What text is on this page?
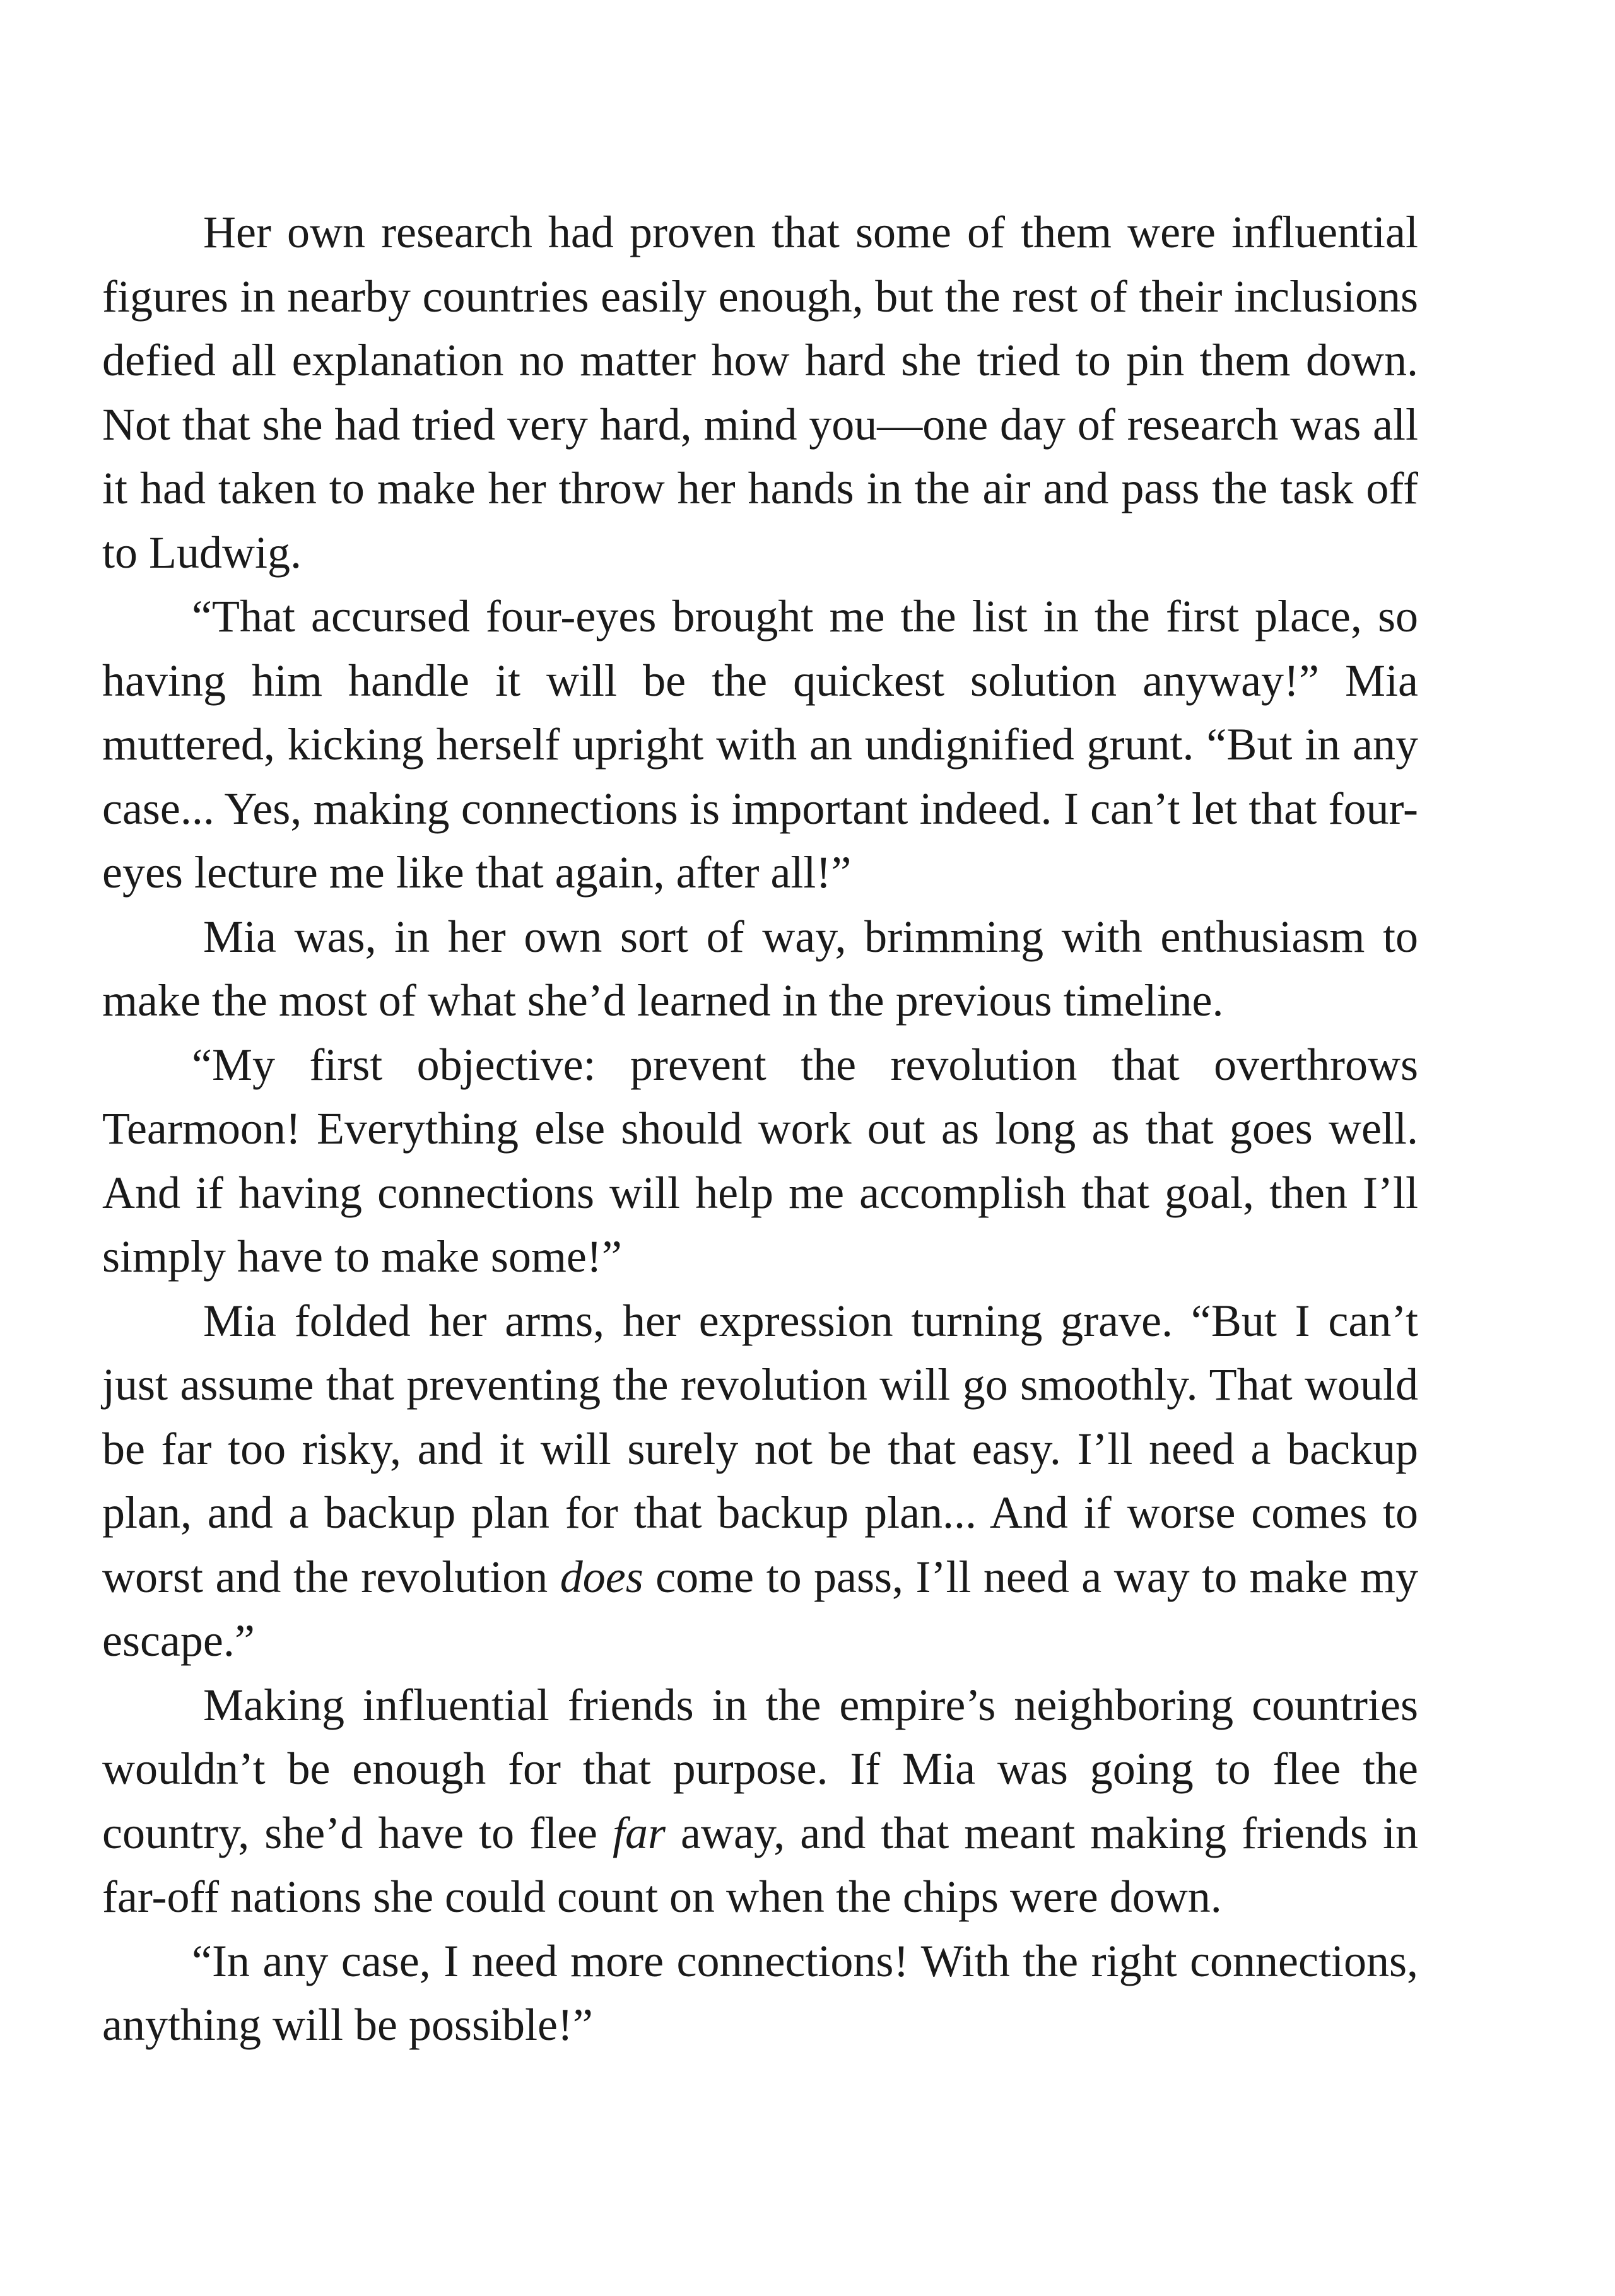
Her own research had proven that some of them were influential figures in nearby countries easily enough, but the rest of their inclusions defied all explanation no matter how hard she tried to pin them down. Not that she had tried very hard, mind you—one day of research was all it had taken to make her throw her hands in the air and pass the task off to Ludwig.

“That accursed four-eyes brought me the list in the first place, so having him handle it will be the quickest solution anyway!” Mia muttered, kicking herself upright with an undignified grunt. “But in any case... Yes, making connections is important indeed. I can’t let that four-eyes lecture me like that again, after all!”

Mia was, in her own sort of way, brimming with enthusiasm to make the most of what she’d learned in the previous timeline.

“My first objective: prevent the revolution that overthrows Tearmoon! Everything else should work out as long as that goes well. And if having connections will help me accomplish that goal, then I’ll simply have to make some!”

Mia folded her arms, her expression turning grave. “But I can’t just assume that preventing the revolution will go smoothly. That would be far too risky, and it will surely not be that easy. I’ll need a backup plan, and a backup plan for that backup plan... And if worse comes to worst and the revolution does come to pass, I’ll need a way to make my escape.”

Making influential friends in the empire’s neighboring countries wouldn’t be enough for that purpose. If Mia was going to flee the country, she’d have to flee far away, and that meant making friends in far-off nations she could count on when the chips were down.

“In any case, I need more connections! With the right connections, anything will be possible!”
